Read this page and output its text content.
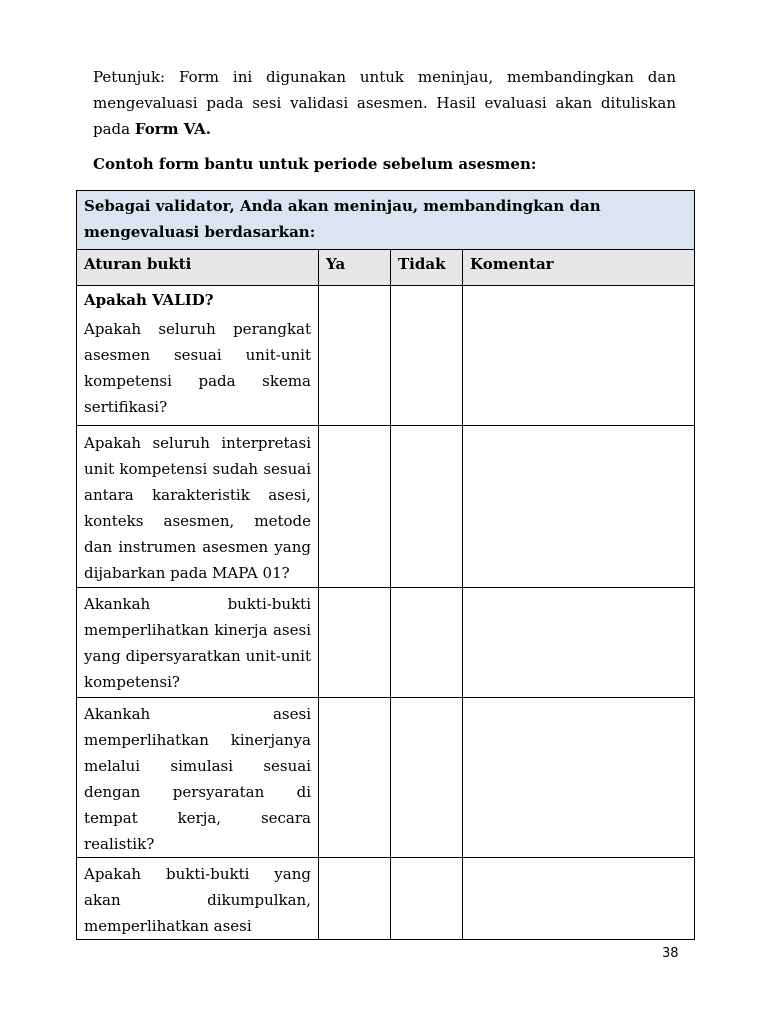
Petunjuk: Form ini digunakan untuk meninjau, membandingkan dan mengevaluasi pada sesi validasi asesmen. Hasil evaluasi akan dituliskan pada Form VA.

Contoh form bantu untuk periode sebelum asesmen:

Sebagai validator, Anda akan meninjau, membandingkan dan mengevaluasi berdasarkan:			
Aturan bukti	Ya	Tidak	Komentar

Apakah VALID?
Apakah seluruh perangkat asesmen sesuai unit-unit kompetensi pada skema sertifikasi?			

Apakah seluruh interpretasi unit kompetensi sudah sesuai antara karakteristik asesi, konteks asesmen, metode dan instrumen asesmen yang dijabarkan pada MAPA 01?			

Akankah bukti-bukti memperlihatkan kinerja asesi yang dipersyaratkan unit-unit kompetensi?			

Akankah asesi memperlihatkan kinerjanya melalui simulasi sesuai dengan persyaratan di tempat kerja, secara realistik?			

Apakah bukti-bukti yang akan dikumpulkan, memperlihatkan asesi			

38
